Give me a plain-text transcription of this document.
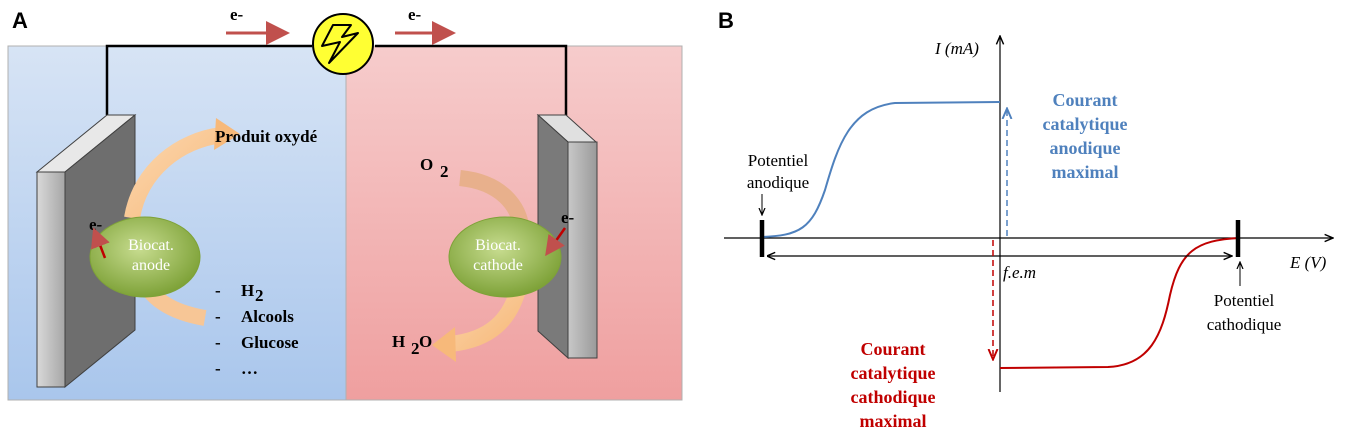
A	e-	e-
Biocat.
anode
e-
Biocat.
cathode
e-
Produit oxydé
- H 2
- Alcools
- Glucose
- …
O 2
H 2 O
B
I (mA)
E (V)
f.e.m
Potentiel
anodique
Potentiel
cathodique
Courant
catalytique
anodique
maximal
Courant
catalytique
cathodique
maximal
